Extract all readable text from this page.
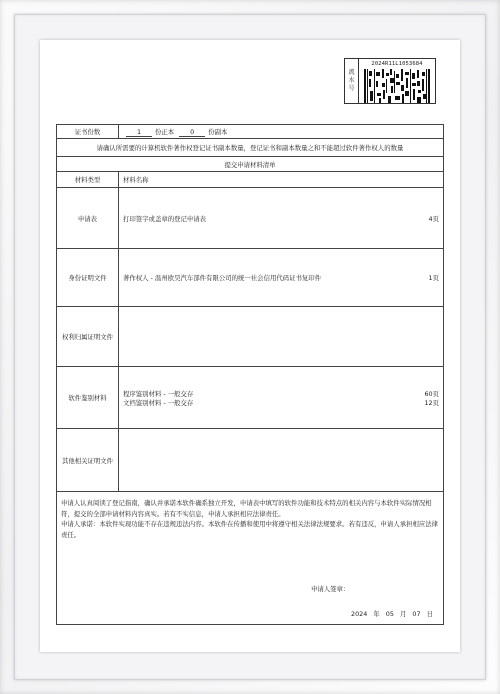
流
水
号
2024R11L1053684
证书份数	1 份正本 0 份副本
请确认所需要的计算机软件著作权登记证书副本数量，登记证书和副本数量之和不能超过软件著作权人的数量	
提交申请材料清单	
材料类型	材料名称
申请表	打印签字或盖章的登记申请表 4页

身份证明文件	著作权人 - 温州欧昊汽车部件有限公司的统一社会信用代码证书复印件 1页

权利归属证明文件	
软件鉴别材料	程序鉴别材料 - 一般交存 60页
文档鉴别材料 - 一般交存 12页

其他相关证明文件	

申请人认真阅读了登记指南，确认并承诺本软件确系独立开发，申请表中填写的软件功能和技术特点的相关内容与本软件实际情况相符，提交的全部申请材料内容真实。若有不实信息，申请人承担相应法律责任。
申请人承诺：本软件实现功能不存在违规违法内容。本软件在传播和使用中将遵守相关法律法规要求。若有违反，申请人承担相应法律责任。
申请人签章：
2024 年 05 月 07 日	
